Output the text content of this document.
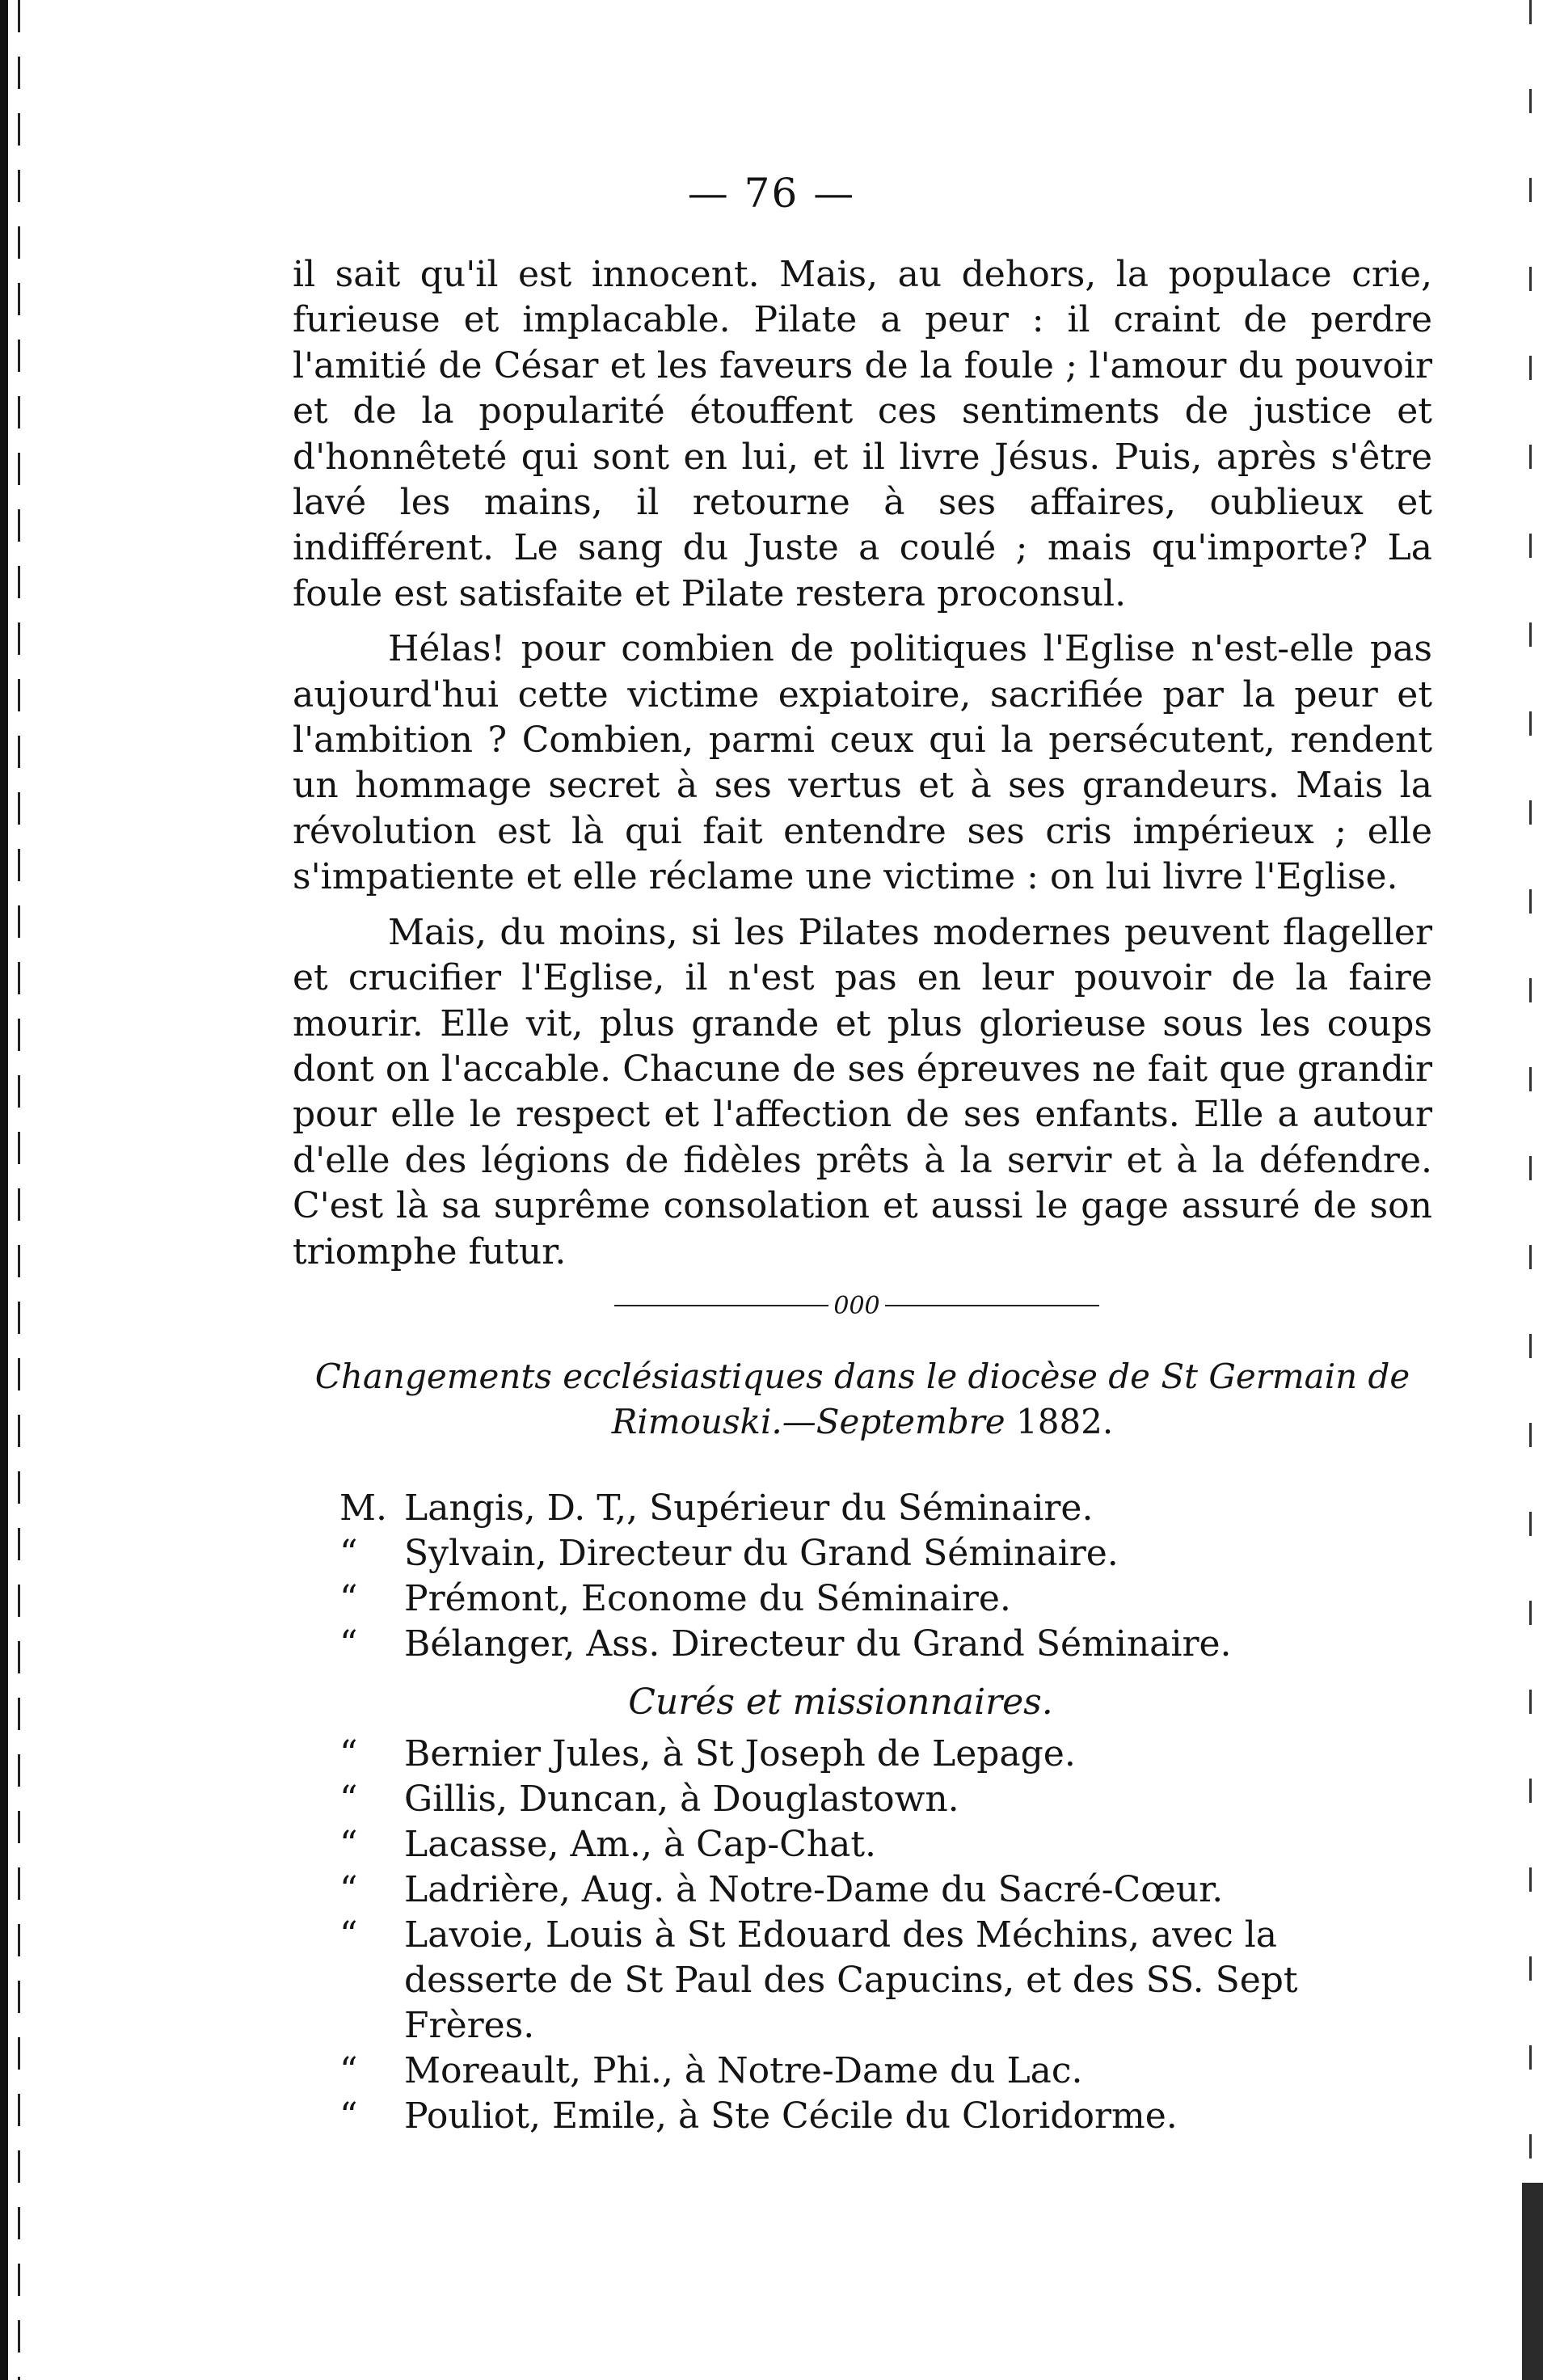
— 76 —

il sait qu'il est innocent. Mais, au dehors, la populace crie, furieuse et implacable. Pilate a peur : il craint de perdre l'amitié de César et les faveurs de la foule ; l'amour du pouvoir et de la popularité étouffent ces sentiments de justice et d'honnêteté qui sont en lui, et il livre Jésus. Puis, après s'être lavé les mains, il retourne à ses affaires, oublieux et indifférent. Le sang du Juste a coulé ; mais qu'importe? La foule est satisfaite et Pilate restera proconsul.

Hélas! pour combien de politiques l'Eglise n'est-elle pas aujourd'hui cette victime expiatoire, sacrifiée par la peur et l'ambition ? Combien, parmi ceux qui la persécutent, rendent un hommage secret à ses vertus et à ses grandeurs. Mais la révolution est là qui fait entendre ses cris impérieux ; elle s'impatiente et elle réclame une victime : on lui livre l'Eglise.

Mais, du moins, si les Pilates modernes peuvent flageller et crucifier l'Eglise, il n'est pas en leur pouvoir de la faire mourir. Elle vit, plus grande et plus glorieuse sous les coups dont on l'accable. Chacune de ses épreuves ne fait que grandir pour elle le respect et l'affection de ses enfants. Elle a autour d'elle des légions de fidèles prêts à la servir et à la défendre. C'est là sa suprême consolation et aussi le gage assuré de son triomphe futur.

000
Changements ecclésiastiques dans le diocèse de St Germain de Rimouski.—Septembre 1882.
M. Langis, D. T,, Supérieur du Séminaire.
“ Sylvain, Directeur du Grand Séminaire.
“ Prémont, Econome du Séminaire.
“ Bélanger, Ass. Directeur du Grand Séminaire.
Curés et missionnaires.
“ Bernier Jules, à St Joseph de Lepage.
“ Gillis, Duncan, à Douglastown.
“ Lacasse, Am., à Cap-Chat.
“ Ladrière, Aug. à Notre-Dame du Sacré-Cœur.
“ Lavoie, Louis à St Edouard des Méchins, avec la desserte de St Paul des Capucins, et des SS. Sept Frères.
“ Moreault, Phi., à Notre-Dame du Lac.
“ Pouliot, Emile, à Ste Cécile du Cloridorme.
